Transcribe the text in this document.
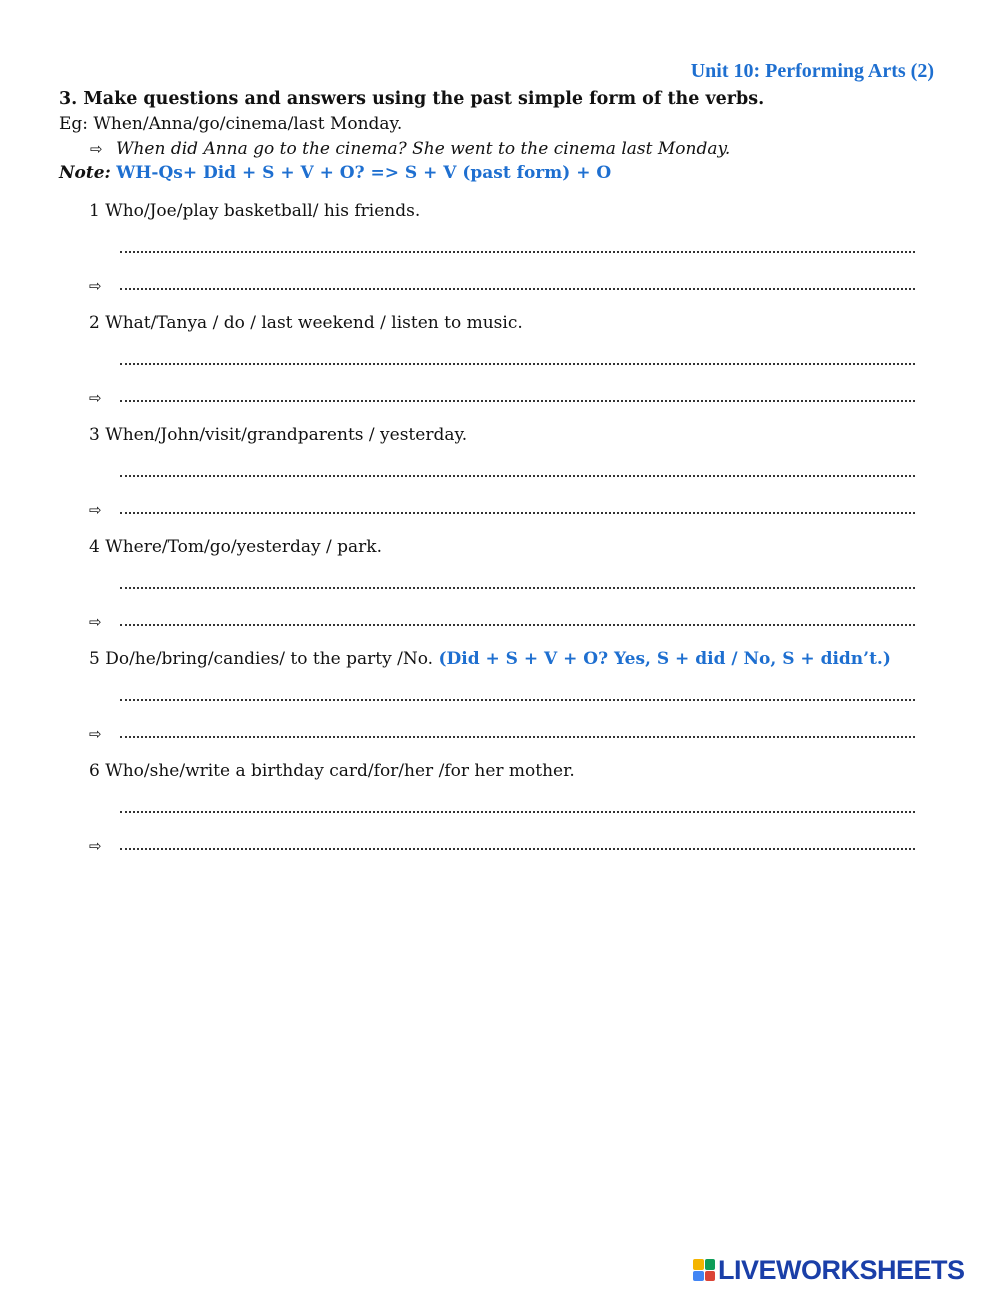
Unit 10: Performing Arts (2)
3. Make questions and answers using the past simple form of the verbs.
Eg: When/Anna/go/cinema/last Monday.
⇨ When did Anna go to the cinema? She went to the cinema last Monday.
Note: WH-Qs+ Did + S + V + O? => S + V (past form) + O
1 Who/Joe/play basketball/ his friends.
⇨
2 What/Tanya / do / last weekend / listen to music.
⇨
3 When/John/visit/grandparents / yesterday.
⇨
4 Where/Tom/go/yesterday / park.
⇨
5 Do/he/bring/candies/ to the party /No. (Did + S + V + O? Yes, S + did / No, S + didn’t.)
⇨
6 Who/she/write a birthday card/for/her /for her mother.
⇨
LIVEWORKSHEETS
